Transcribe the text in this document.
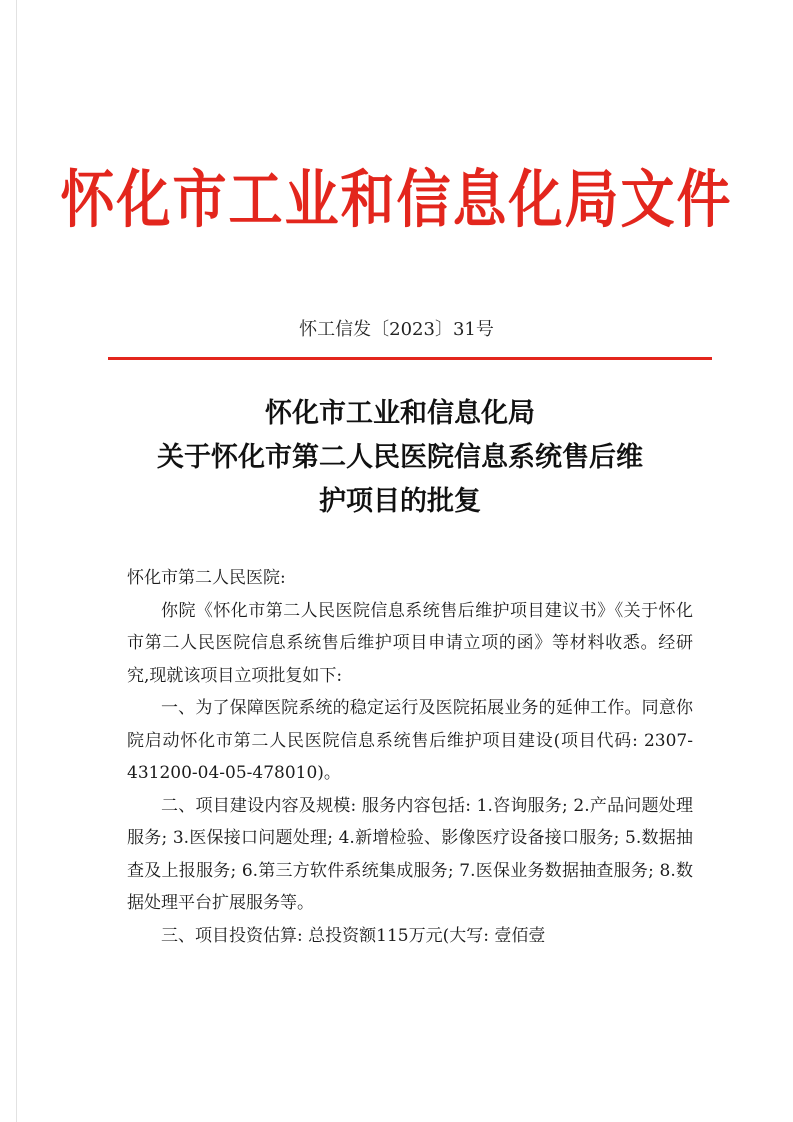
怀化市工业和信息化局文件
怀工信发〔2023〕31号
怀化市工业和信息化局
关于怀化市第二人民医院信息系统售后维
护项目的批复

怀化市第二人民医院:

你院《怀化市第二人民医院信息系统售后维护项目建议书》《关于怀化市第二人民医院信息系统售后维护项目申请立项的函》等材料收悉。经研究,现就该项目立项批复如下:

一、为了保障医院系统的稳定运行及医院拓展业务的延伸工作。同意你院启动怀化市第二人民医院信息系统售后维护项目建设(项目代码: 2307-431200-04-05-478010)。

二、项目建设内容及规模: 服务内容包括: 1.咨询服务; 2.产品问题处理服务; 3.医保接口问题处理; 4.新增检验、影像医疗设备接口服务; 5.数据抽查及上报服务; 6.第三方软件系统集成服务; 7.医保业务数据抽查服务; 8.数据处理平台扩展服务等。

三、项目投资估算: 总投资额115万元(大写: 壹佰壹
